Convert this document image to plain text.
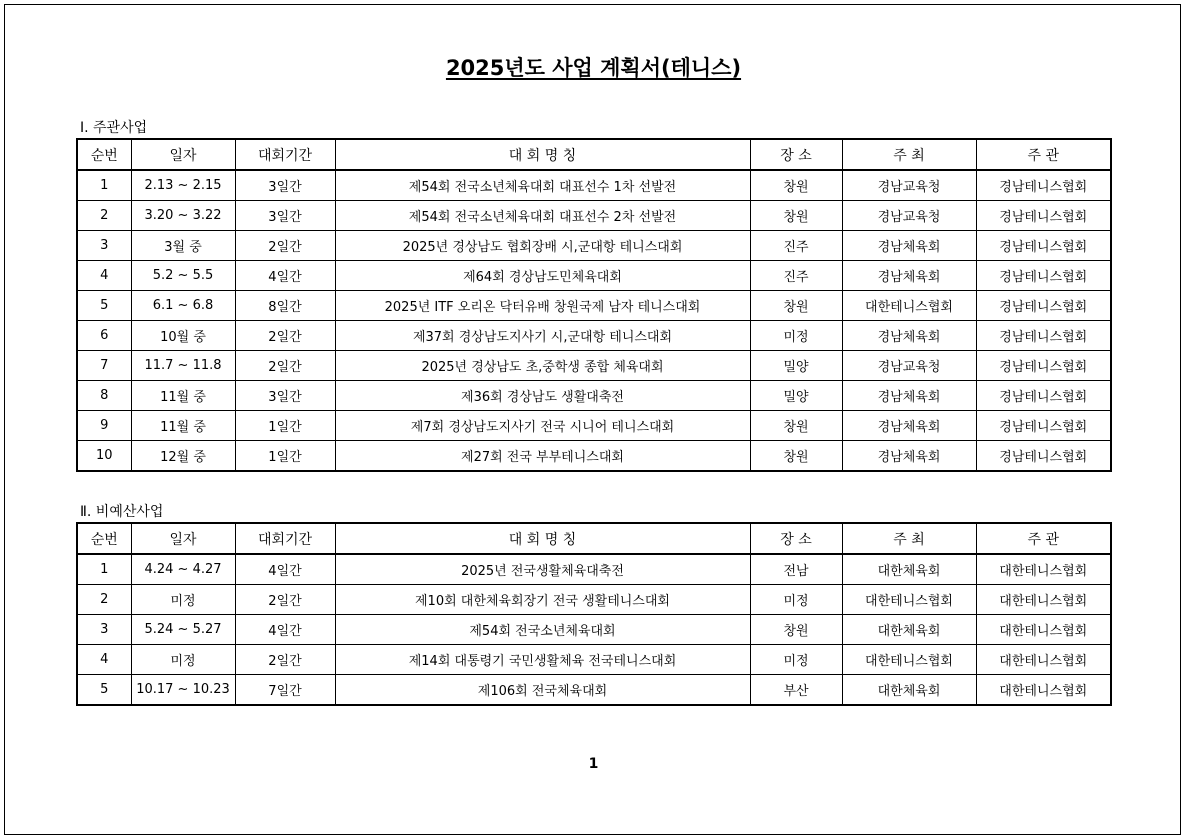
2025년도 사업 계획서(테니스)
Ⅰ. 주관사업
순번	일자	대회기간	대 회 명 칭	장 소	주 최	주 관
1	2.13 ~ 2.15	3일간	제54회 전국소년체육대회 대표선수 1차 선발전	창원	경남교육청	경남테니스협회
2	3.20 ~ 3.22	3일간	제54회 전국소년체육대회 대표선수 2차 선발전	창원	경남교육청	경남테니스협회
3	3월 중	2일간	2025년 경상남도 협회장배 시,군대항 테니스대회	진주	경남체육회	경남테니스협회
4	5.2 ~ 5.5	4일간	제64회 경상남도민체육대회	진주	경남체육회	경남테니스협회
5	6.1 ~ 6.8	8일간	2025년 ITF 오리온 닥터유배 창원국제 남자 테니스대회	창원	대한테니스협회	경남테니스협회
6	10월 중	2일간	제37회 경상남도지사기 시,군대항 테니스대회	미정	경남체육회	경남테니스협회
7	11.7 ~ 11.8	2일간	2025년 경상남도 초,중학생 종합 체육대회	밀양	경남교육청	경남테니스협회
8	11월 중	3일간	제36회 경상남도 생활대축전	밀양	경남체육회	경남테니스협회
9	11월 중	1일간	제7회 경상남도지사기 전국 시니어 테니스대회	창원	경남체육회	경남테니스협회
10	12월 중	1일간	제27회 전국 부부테니스대회	창원	경남체육회	경남테니스협회
Ⅱ. 비예산사업
순번	일자	대회기간	대 회 명 칭	장 소	주 최	주 관
1	4.24 ~ 4.27	4일간	2025년 전국생활체육대축전	전남	대한체육회	대한테니스협회
2	미정	2일간	제10회 대한체육회장기 전국 생활테니스대회	미정	대한테니스협회	대한테니스협회
3	5.24 ~ 5.27	4일간	제54회 전국소년체육대회	창원	대한체육회	대한테니스협회
4	미정	2일간	제14회 대통령기 국민생활체육 전국테니스대회	미정	대한테니스협회	대한테니스협회
5	10.17 ~ 10.23	7일간	제106회 전국체육대회	부산	대한체육회	대한테니스협회
1
